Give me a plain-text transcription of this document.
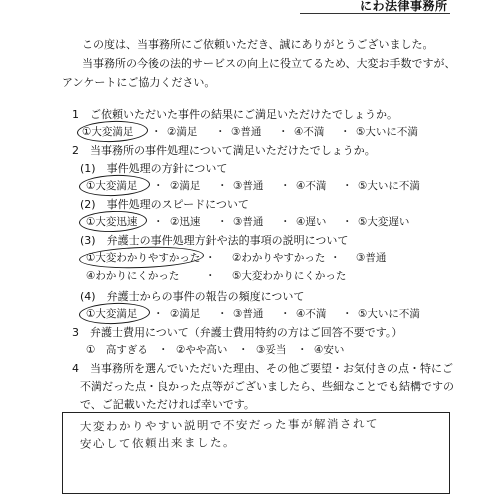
にわ法律事務所
この度は、当事務所にご依頼いただき、誠にありがとうございました。
当事務所の今後の法的サービスの向上に役立てるため、大変お手数ですが、
アンケートにご協力ください。
1　ご依頼いただいた事件の結果にご満足いただけたでしょうか。
①大変満足 ・ ②満足 ・ ③普通 ・ ④不満 ・ ⑤大いに不満
2　当事務所の事件処理について満足いただけたでしょうか。
(1)　事件処理の方針について
①大変満足 ・ ②満足 ・ ③普通 ・ ④不満 ・ ⑤大いに不満
(2)　事件処理のスピードについて
①大変迅速 ・ ②迅速 ・ ③普通 ・ ④遅い ・ ⑤大変遅い
(3)　弁護士の事件処理方針や法的事項の説明について
①大変わかりやすかった ・ ②わかりやすかった ・ ③普通
④わかりにくかった ・ ⑤大変わかりにくかった
(4)　弁護士からの事件の報告の頻度について
①大変満足 ・ ②満足 ・ ③普通 ・ ④不満 ・ ⑤大いに不満
3　弁護士費用について（弁護士費用特約の方はご回答不要です。）
①　高すぎる ・ ②やや高い ・ ③妥当 ・ ④安い
4　当事務所を選んでいただいた理由、その他ご要望・お気付きの点・特にご
不満だった点・良かった点等がございましたら、些細なことでも結構ですの
で、ご記載いただければ幸いです。
大変わかりやすい説明で不安だった事が解消されて
安心して依頼出来ました。
